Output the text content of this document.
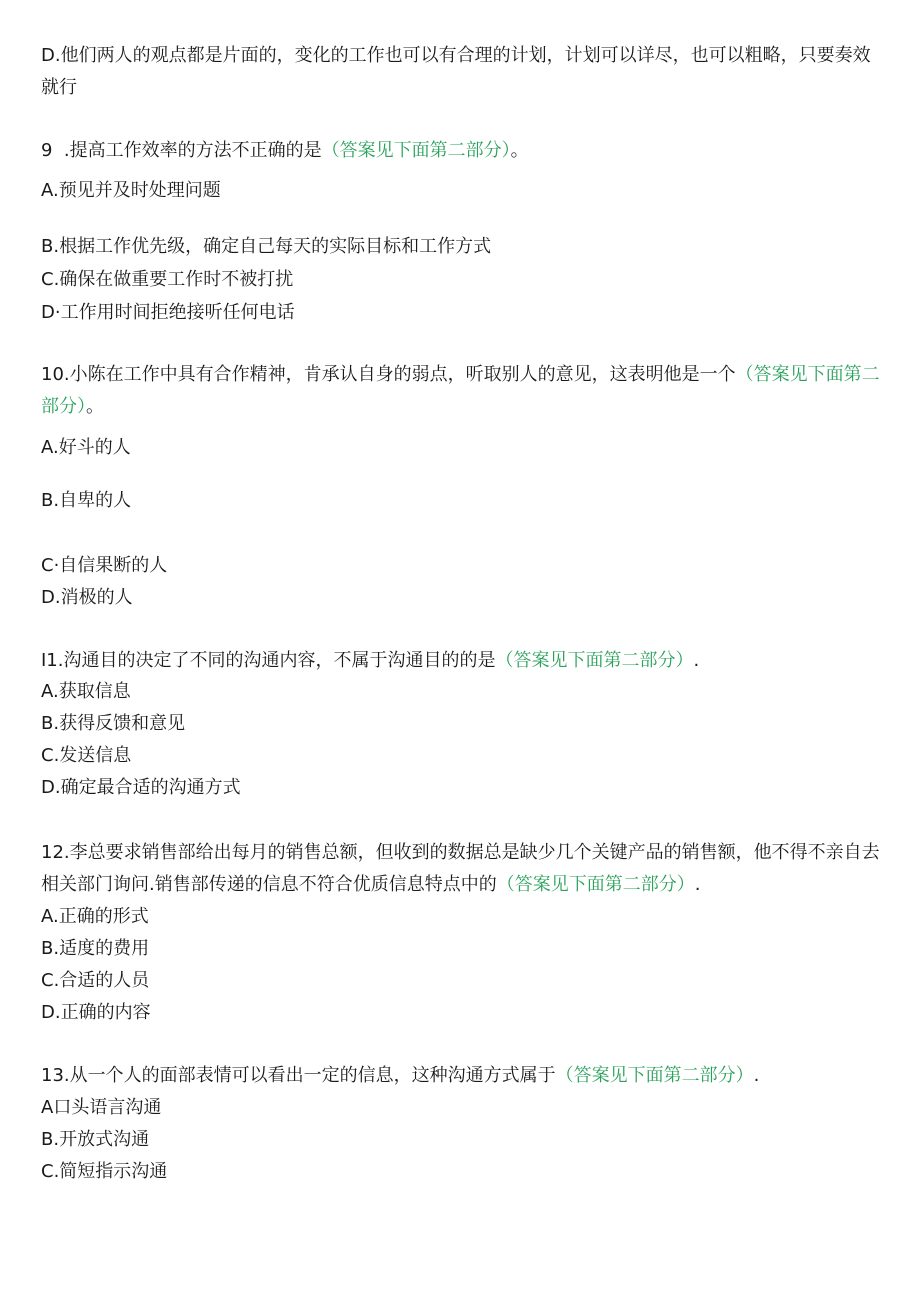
D.他们两人的观点都是片面的，变化的工作也可以有合理的计划，计划可以详尽，也可以粗略，只要奏效就行
9  .提高工作效率的方法不正确的是（答案见下面第二部分）。
A.预见并及时处理问题
B.根据工作优先级，确定自己每天的实际目标和工作方式
C.确保在做重要工作时不被打扰
D·工作用时间拒绝接听任何电话
10.小陈在工作中具有合作精神，肯承认自身的弱点，听取别人的意见，这表明他是一个（答案见下面第二部分）。
A.好斗的人
B.自卑的人
C·自信果断的人
D.消极的人
I1.沟通目的决定了不同的沟通内容，不属于沟通目的的是（答案见下面第二部分）.
A.获取信息
B.获得反馈和意见
C.发送信息
D.确定最合适的沟通方式
12.李总要求销售部给出每月的销售总额，但收到的数据总是缺少几个关键产品的销售额，他不得不亲自去相关部门询问.销售部传递的信息不符合优质信息特点中的（答案见下面第二部分）.
A.正确的形式
B.适度的费用
C.合适的人员
D.正确的内容
13.从一个人的面部表情可以看出一定的信息，这种沟通方式属于（答案见下面第二部分）.
A口头语言沟通
B.开放式沟通
C.简短指示沟通
